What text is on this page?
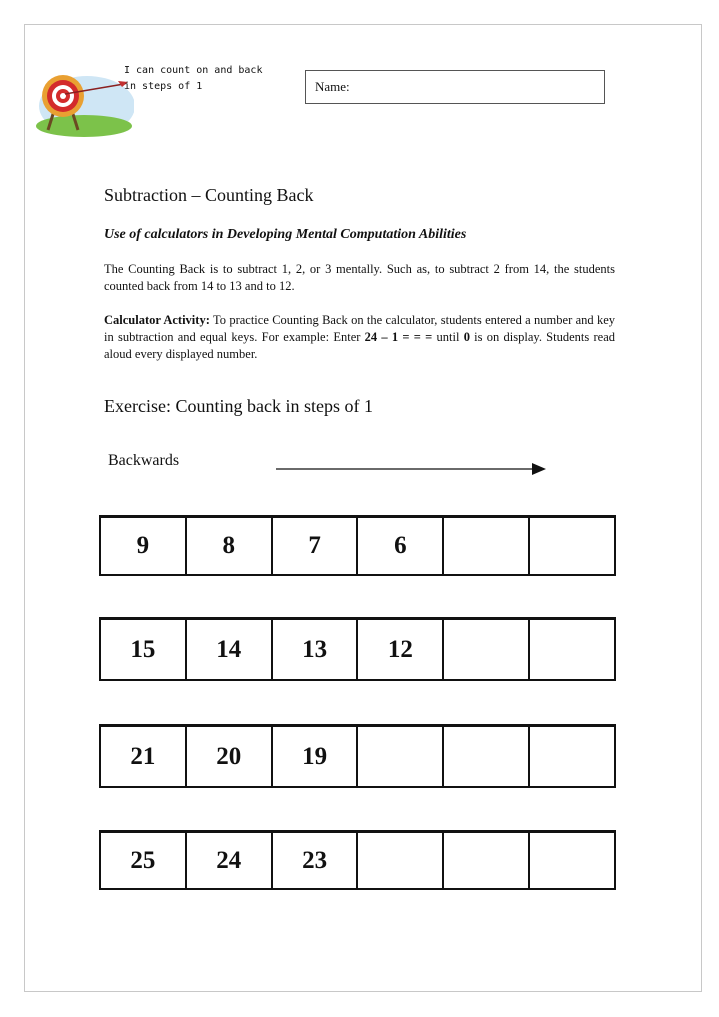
I can count on and back in steps of 1	Name:
Subtraction – Counting Back
Use of calculators in Developing Mental Computation Abilities

The Counting Back is to subtract 1, 2, or 3 mentally. Such as, to subtract 2 from 14, the students counted back from 14 to 13 and to 12.

Calculator Activity: To practice Counting Back on the calculator, students entered a number and key in subtraction and equal keys. For example: Enter 24 – 1 = = = until 0 is on display. Students read aloud every displayed number.

Exercise: Counting back in steps of 1
Backwards
9	8	7	6		
15	14	13	12		
21	20	19			
25	24	23			
